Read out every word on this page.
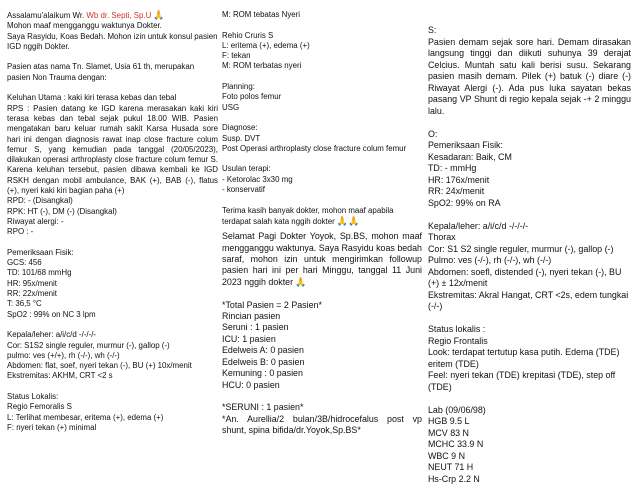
Assalamu'alaikum Wr. Wb dr. Septi, Sp.U 🙏

Mohon maaf mengganggu waktunya Dokter.

Saya Rasyidu, Koas Bedah. Mohon izin untuk konsul pasien IGD nggih Dokter.

Pasien atas nama Tn. Slamet, Usia 61 th, merupakan pasien Non Trauma dengan:

Keluhan Utama : kaki kiri terasa kebas dan tebal

RPS : Pasien datang ke IGD karena merasakan kaki kiri terasa kebas dan tebal sejak pukul 18.00 WIB. Pasien mengatakan baru keluar rumah sakit Karsa Husada sore hari ini dengan diagnosis rawat inap close fracture colum femur S, yang kemudian pada tanggal (20/05/2023), dilakukan operasi arthroplasty close fracture colum femur S. Karena keluhan tersebut, pasien dibawa kembali ke IGD RSKH dengan mobil ambulance, BAK (+), BAB (-), flatus (+), nyeri kaki kiri bagian paha (+)

RPD: - (Disangkal)

RPK: HT (-), DM (-) (Disangkal)

Riwayat alergi: -

RPO : -

Pemeriksaan Fisik:

GCS: 456

TD: 101/68 mmHg

HR: 95x/menit

RR: 22x/menit

T: 36,5 °C

SpO2 : 99% on NC 3 lpm

Kepala/leher: a/i/c/d -/-/-/-

Cor: S1S2 single reguler, murmur (-), gallop (-)

pulmo: ves (+/+), rh (-/-), wh (-/-)

Abdomen: flat, soef, nyeri tekan (-), BU (+) 10x/menit

Ekstremitas: AKHM, CRT <2 s

Status Lokalis:

Regio Femoralis S

L: Terlihat membesar, eritema (+), edema (+)

F: nyeri tekan (+) minimal

M: ROM tebatas Nyeri

Rehio Cruris S

L: eritema (+), edema (+)

F: tekan

M: ROM terbatas nyeri

Planning:

Foto polos femur

USG

Diagnose:

Susp. DVT

Post Operasi arthroplasty close fracture colum femur

Usulan terapi:

- Ketorolac 3x30 mg

- konservatif

Terima kasih banyak dokter, mohon maaf apabila terdapat salah kata nggih dokter 🙏🙏

Selamat Pagi Dokter Yoyok, Sp.BS, mohon maaf mengganggu waktunya. Saya Rasyidu koas bedah saraf, mohon izin untuk mengirimkan followup pasien hari ini per hari Minggu, tanggal 11 Juni 2023 nggih dokter 🙏

*Total Pasien = 2 Pasien*

Rincian pasien

Seruni : 1 pasien

ICU: 1 pasien

Edelweis A: 0 pasien

Edelweis B: 0 pasien

Kemuning : 0 pasien

HCU: 0 pasien

*SERUNI : 1 pasien*

*An. Aurellia/2 bulan/3B/hidrocefalus post vp shunt, spina bifida/dr.Yoyok,Sp.BS*

S:

Pasien demam sejak sore hari. Demam dirasakan langsung tinggi dan diikuti suhunya 39 derajat Celcius. Muntah satu kali berisi susu. Sekarang pasien masih demam. Pilek (+) batuk (-) diare (-) Riwayat Alergi (-). Ada pus luka sayatan bekas pasang VP Shunt di regio kepala sejak -+ 2 minggu lalu.

O:

Pemeriksaan Fisik:

Kesadaran: Baik, CM

TD: - mmHg

HR: 176x/menit

RR: 24x/menit

SpO2: 99% on RA

Kepala/leher: a/i/c/d -/-/-/-

Thorax

Cor: S1 S2 single reguler, murmur (-), gallop (-)

Pulmo: ves (-/-), rh (-/-), wh (-/-)

Abdomen: soefl, distended (-), nyeri tekan (-), BU (+) ± 12x/menit

Ekstremitas: Akral Hangat, CRT <2s, edem tungkai (-/-)

Status lokalis :

Regio Frontalis

Look: terdapat tertutup kasa putih. Edema (TDE) eritem (TDE)

Feel: nyeri tekan (TDE) krepitasi (TDE), step off (TDE)

Lab (09/06/98)

HGB 9.5 L

MCV 83 N

MCHC 33.9 N

WBC 9 N

NEUT 71 H

Hs-Crp 2.2 N
